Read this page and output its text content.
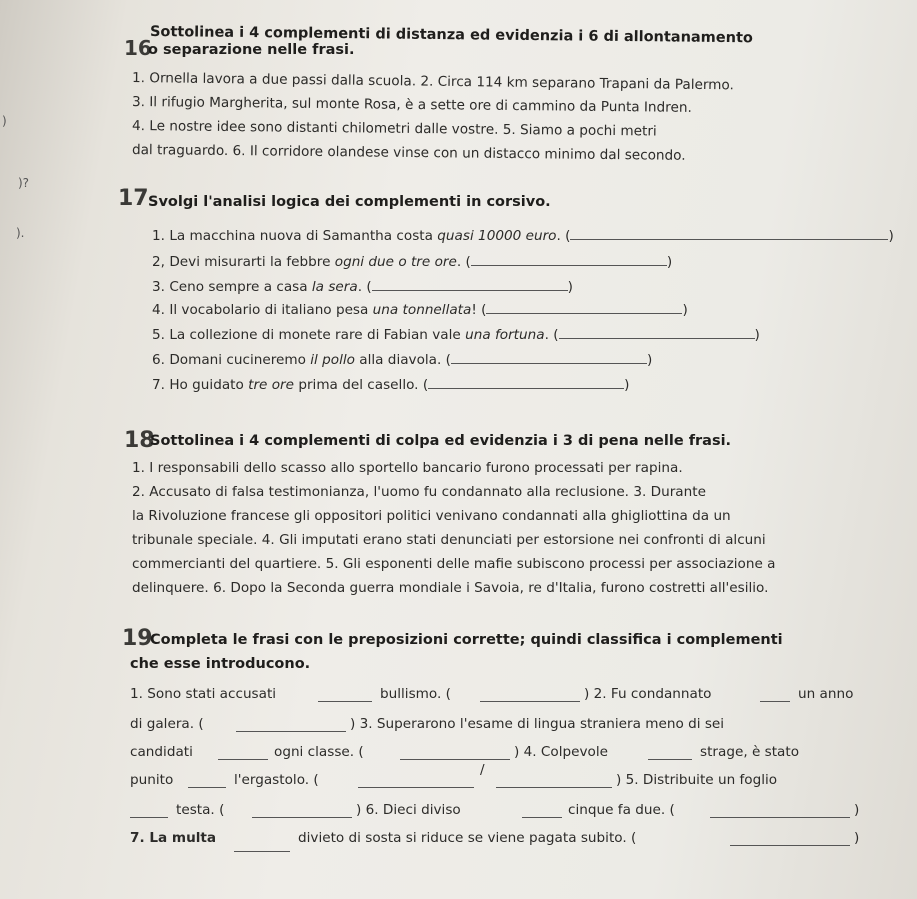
)
)?
).
16
Sottolinea i 4 complementi di distanza ed evidenzia i 6 di allontanamento
o separazione nelle frasi.
1. Ornella lavora a due passi dalla scuola. 2. Circa 114 km separano Trapani da Palermo.
3. Il rifugio Margherita, sul monte Rosa, è a sette ore di cammino da Punta Indren.
4. Le nostre idee sono distanti chilometri dalle vostre. 5. Siamo a pochi metri
dal traguardo. 6. Il corridore olandese vinse con un distacco minimo dal secondo.
17 Svolgi l'analisi logica dei complementi in corsivo.
1. La macchina nuova di Samantha costa quasi 10000 euro. (	)
2, Devi misurarti la febbre ogni due o tre ore. (	)
3. Ceno sempre a casa la sera. (	)
4. Il vocabolario di italiano pesa una tonnellata! (	)
5. La collezione di monete rare di Fabian vale una fortuna. (	)
6. Domani cucineremo il pollo alla diavola. (	)
7. Ho guidato tre ore prima del casello. (	)
18
Sottolinea i 4 complementi di colpa ed evidenzia i 3 di pena nelle frasi.
1. I responsabili dello scasso allo sportello bancario furono processati per rapina.
2. Accusato di falsa testimonianza, l'uomo fu condannato alla reclusione. 3. Durante
la Rivoluzione francese gli oppositori politici venivano condannati alla ghigliottina da un
tribunale speciale. 4. Gli imputati erano stati denunciati per estorsione nei confronti di alcuni
commercianti del quartiere. 5. Gli esponenti delle mafie subiscono processi per associazione a
delinquere. 6. Dopo la Seconda guerra mondiale i Savoia, re d'Italia, furono costretti all'esilio.
19
Completa le frasi con le preposizioni corrette; quindi classifica i complementi
che esse introducono.
1. Sono stati accusati	bullismo. (	) 2. Fu condannato	un anno
di galera. (	) 3. Superarono l'esame di lingua straniera meno di sei
candidati	ogni classe. (	) 4. Colpevole	strage, è stato
punito	l'ergastolo. (
/
) 5. Distribuite un foglio
testa. (	) 6. Dieci diviso	cinque fa due. (	)
7. La multa	divieto di sosta si riduce se viene pagata subito. (	)
